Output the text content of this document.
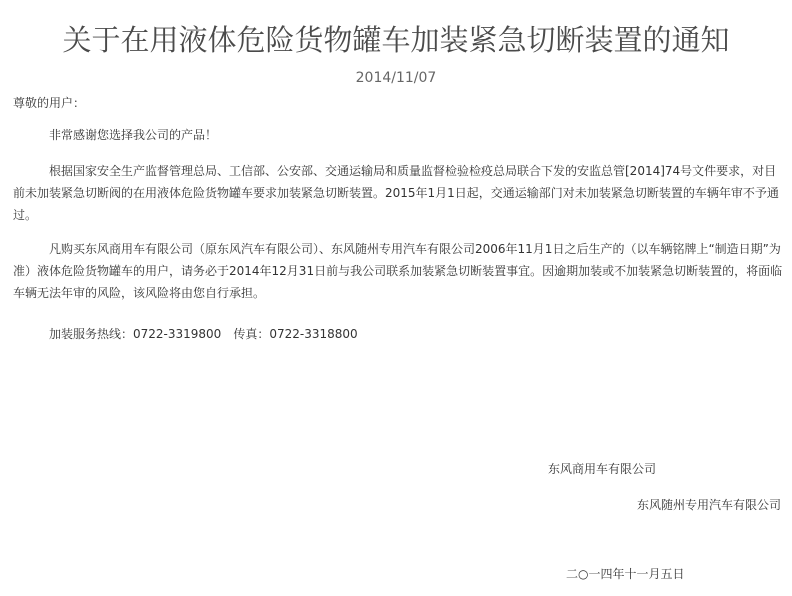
关于在用液体危险货物罐车加装紧急切断装置的通知
2014/11/07
尊敬的用户：
非常感谢您选择我公司的产品！
根据国家安全生产监督管理总局、工信部、公安部、交通运输局和质量监督检验检疫总局联合下发的安监总管[2014]74号文件要求，对目前未加装紧急切断阀的在用液体危险货物罐车要求加装紧急切断装置。2015年1月1日起，交通运输部门对未加装紧急切断装置的车辆年审不予通过。
凡购买东风商用车有限公司（原东风汽车有限公司）、东风随州专用汽车有限公司2006年11月1日之后生产的（以车辆铭牌上“制造日期”为准）液体危险货物罐车的用户，请务必于2014年12月31日前与我公司联系加装紧急切断装置事宜。因逾期加装或不加装紧急切断装置的，将面临车辆无法年审的风险，该风险将由您自行承担。
加装服务热线：0722-3319800 传真：0722-3318800
东风商用车有限公司
东风随州专用汽车有限公司
二○一四年十一月五日
